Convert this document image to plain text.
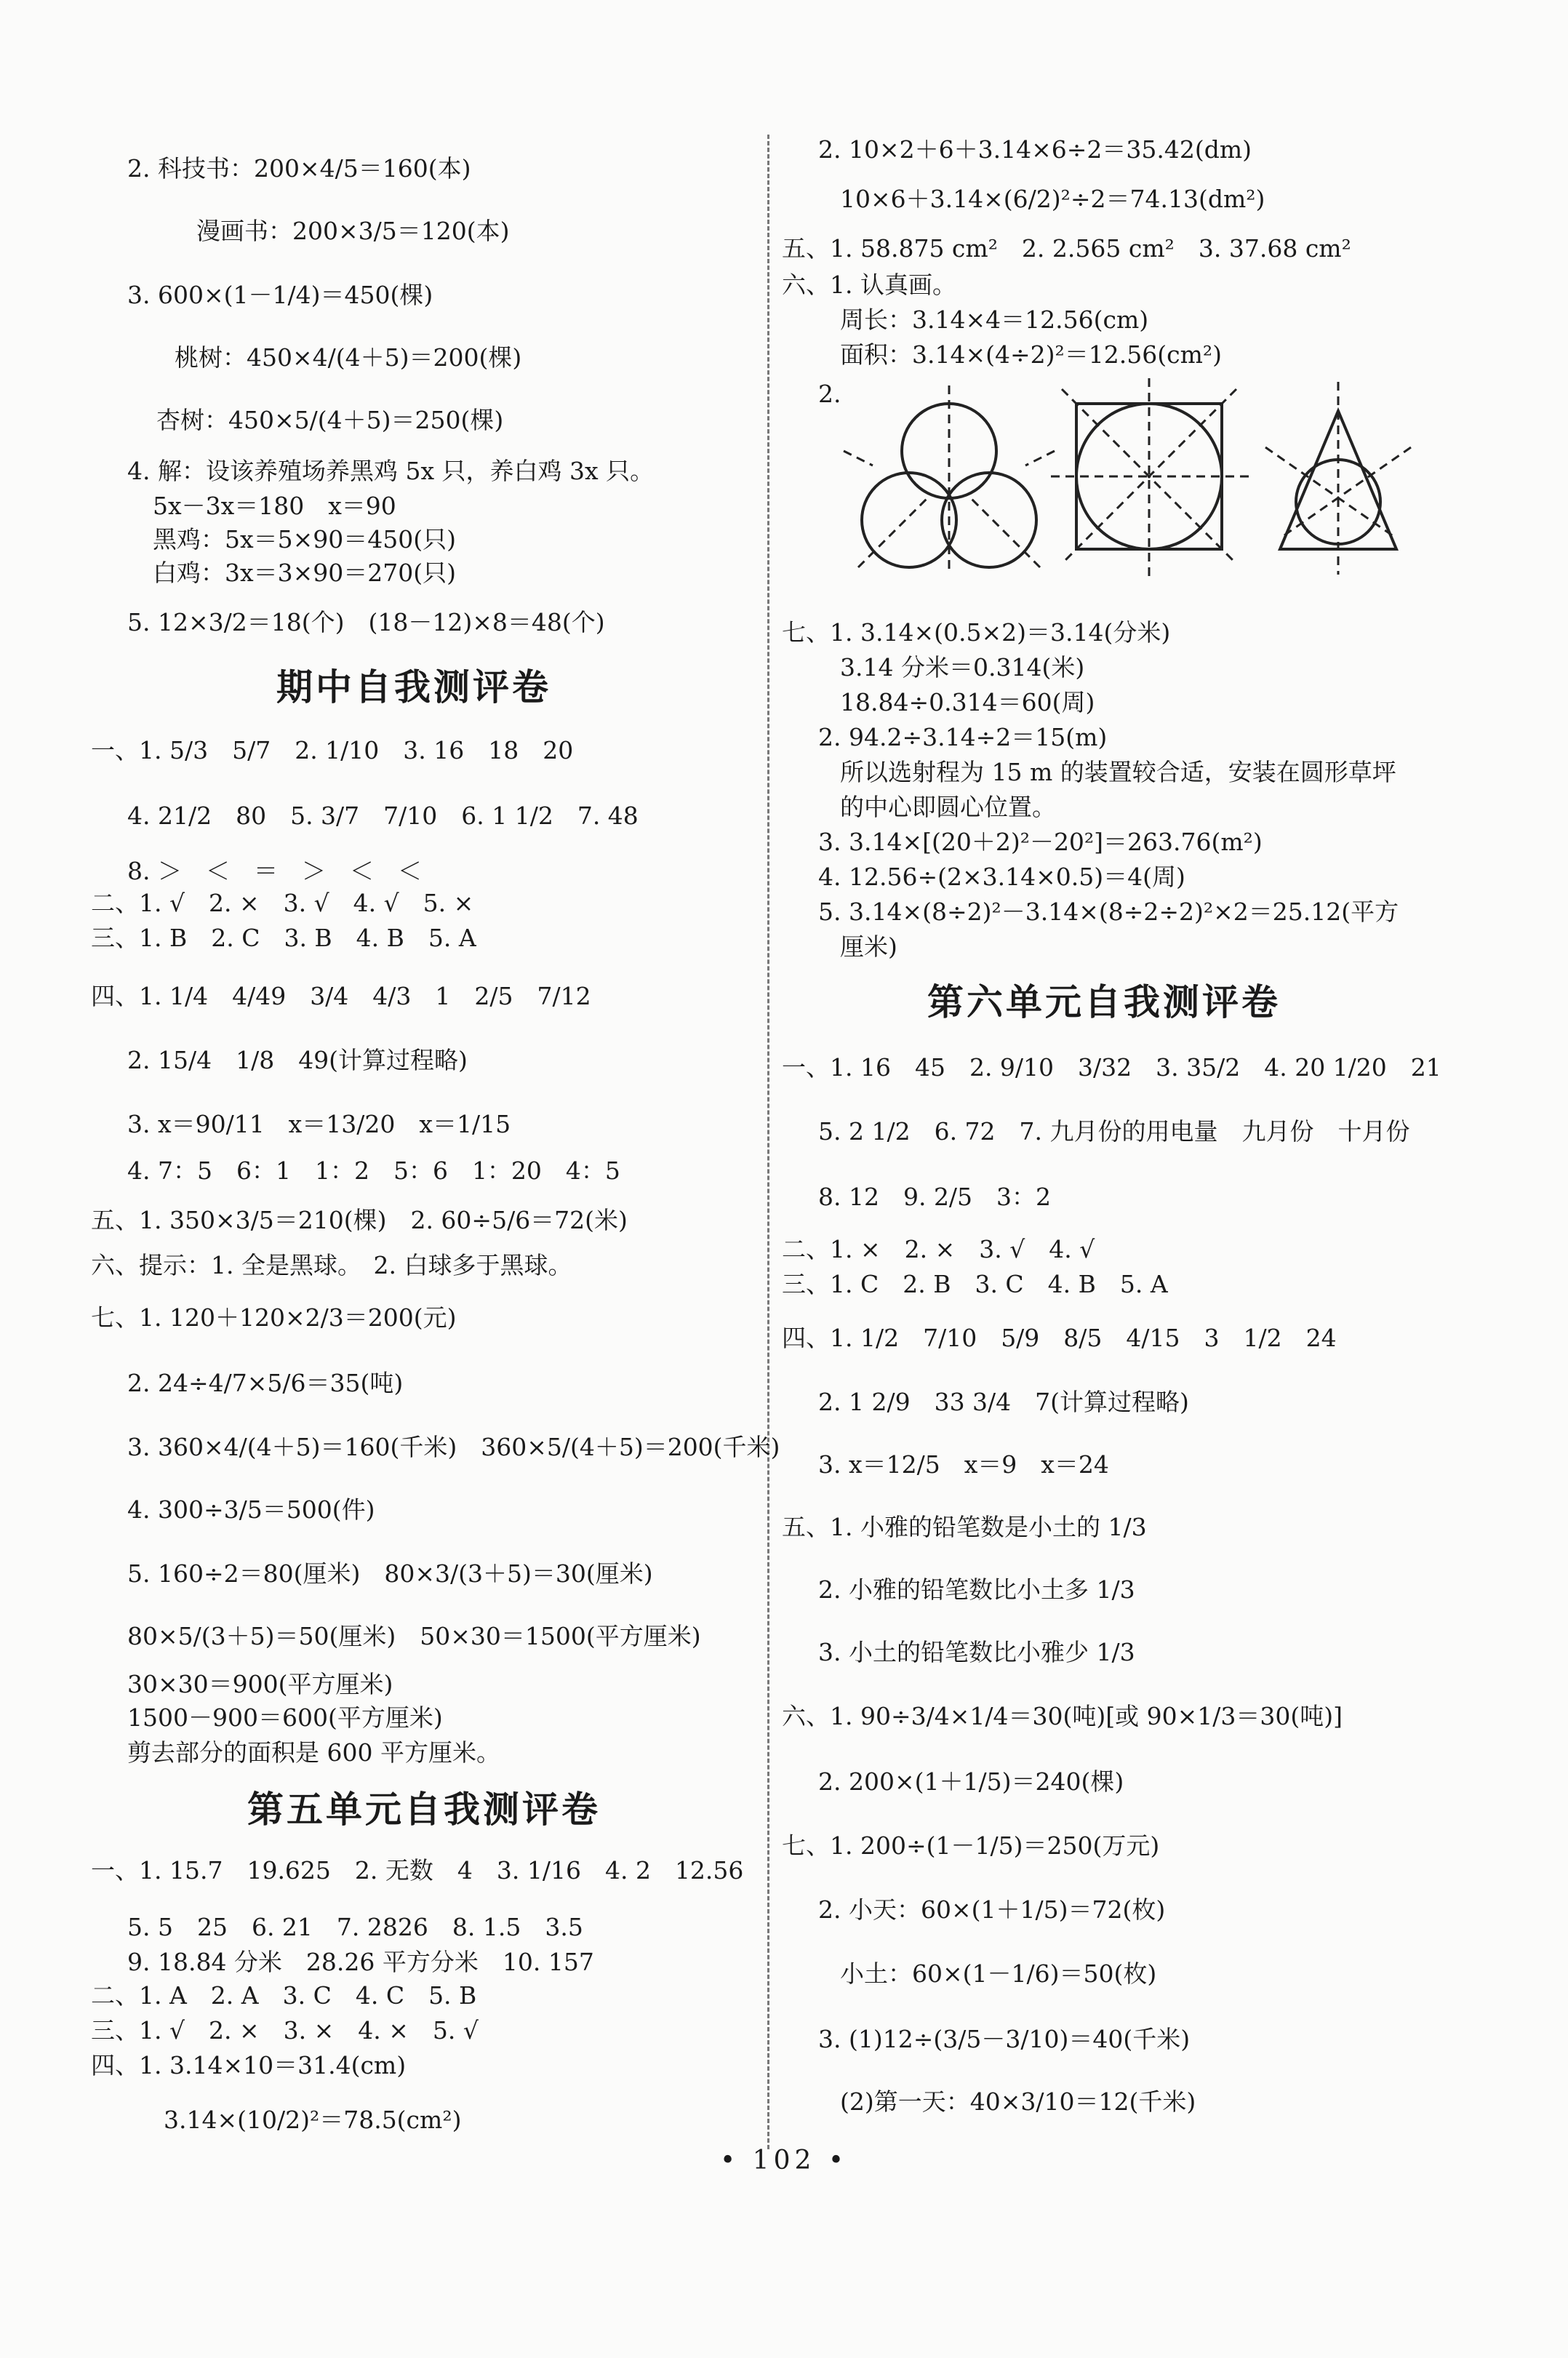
2. 科技书：200×4/5＝160(本)
漫画书：200×3/5＝120(本)
3. 600×(1－1/4)＝450(棵)
桃树：450×4/(4＋5)＝200(棵)
杏树：450×5/(4＋5)＝250(棵)
4. 解：设该养殖场养黑鸡 5x 只，养白鸡 3x 只。
5x－3x＝180　x＝90
黑鸡：5x＝5×90＝450(只)
白鸡：3x＝3×90＝270(只)
5. 12×3/2＝18(个)　(18－12)×8＝48(个)
期中自我测评卷
一、1. 5/3　5/7　2. 1/10　3. 16　18　20
4. 21/2　80　5. 3/7　7/10　6. 1 1/2　7. 48
8. ＞　＜　＝　＞　＜　＜
二、1. √　2. ×　3. √　4. √　5. ×
三、1. B　2. C　3. B　4. B　5. A
四、1. 1/4　4/49　3/4　4/3　1　2/5　7/12
2. 15/4　1/8　49(计算过程略)
3. x＝90/11　x＝13/20　x＝1/15
4. 7：5　6：1　1：2　5：6　1：20　4：5
五、1. 350×3/5＝210(棵)　2. 60÷5/6＝72(米)
六、提示：1. 全是黑球。　2. 白球多于黑球。
七、1. 120＋120×2/3＝200(元)
2. 24÷4/7×5/6＝35(吨)
3. 360×4/(4＋5)＝160(千米)　360×5/(4＋5)＝200(千米)
4. 300÷3/5＝500(件)
5. 160÷2＝80(厘米)　80×3/(3＋5)＝30(厘米)
80×5/(3＋5)＝50(厘米)　50×30＝1500(平方厘米)
30×30＝900(平方厘米)
1500－900＝600(平方厘米)
剪去部分的面积是 600 平方厘米。
第五单元自我测评卷
一、1. 15.7　19.625　2. 无数　4　3. 1/16　4. 2　12.56
5. 5　25　6. 21　7. 2826　8. 1.5　3.5
9. 18.84 分米　28.26 平方分米　10. 157
二、1. A　2. A　3. C　4. C　5. B
三、1. √　2. ×　3. ×　4. ×　5. √
四、1. 3.14×10＝31.4(cm)
3.14×(10/2)²＝78.5(cm²)
2. 10×2＋6＋3.14×6÷2＝35.42(dm)
10×6＋3.14×(6/2)²÷2＝74.13(dm²)
五、1. 58.875 cm²　2. 2.565 cm²　3. 37.68 cm²
六、1. 认真画。
周长：3.14×4＝12.56(cm)
面积：3.14×(4÷2)²＝12.56(cm²)
2.
七、1. 3.14×(0.5×2)＝3.14(分米)
3.14 分米＝0.314(米)
18.84÷0.314＝60(周)
2. 94.2÷3.14÷2＝15(m)
所以选射程为 15 m 的装置较合适，安装在圆形草坪
的中心即圆心位置。
3. 3.14×[(20＋2)²－20²]＝263.76(m²)
4. 12.56÷(2×3.14×0.5)＝4(周)
5. 3.14×(8÷2)²－3.14×(8÷2÷2)²×2＝25.12(平方
厘米)
第六单元自我测评卷
一、1. 16　45　2. 9/10　3/32　3. 35/2　4. 20 1/20　21
5. 2 1/2　6. 72　7. 九月份的用电量　九月份　十月份
8. 12　9. 2/5　3：2
二、1. ×　2. ×　3. √　4. √
三、1. C　2. B　3. C　4. B　5. A
四、1. 1/2　7/10　5/9　8/5　4/15　3　1/2　24
2. 1 2/9　33 3/4　7(计算过程略)
3. x＝12/5　x＝9　x＝24
五、1. 小雅的铅笔数是小土的 1/3
2. 小雅的铅笔数比小土多 1/3
3. 小土的铅笔数比小雅少 1/3
六、1. 90÷3/4×1/4＝30(吨)[或 90×1/3＝30(吨)]
2. 200×(1＋1/5)＝240(棵)
七、1. 200÷(1－1/5)＝250(万元)
2. 小天：60×(1＋1/5)＝72(枚)
小土：60×(1－1/6)＝50(枚)
3. (1)12÷(3/5－3/10)＝40(千米)
(2)第一天：40×3/10＝12(千米)
• 102 •
